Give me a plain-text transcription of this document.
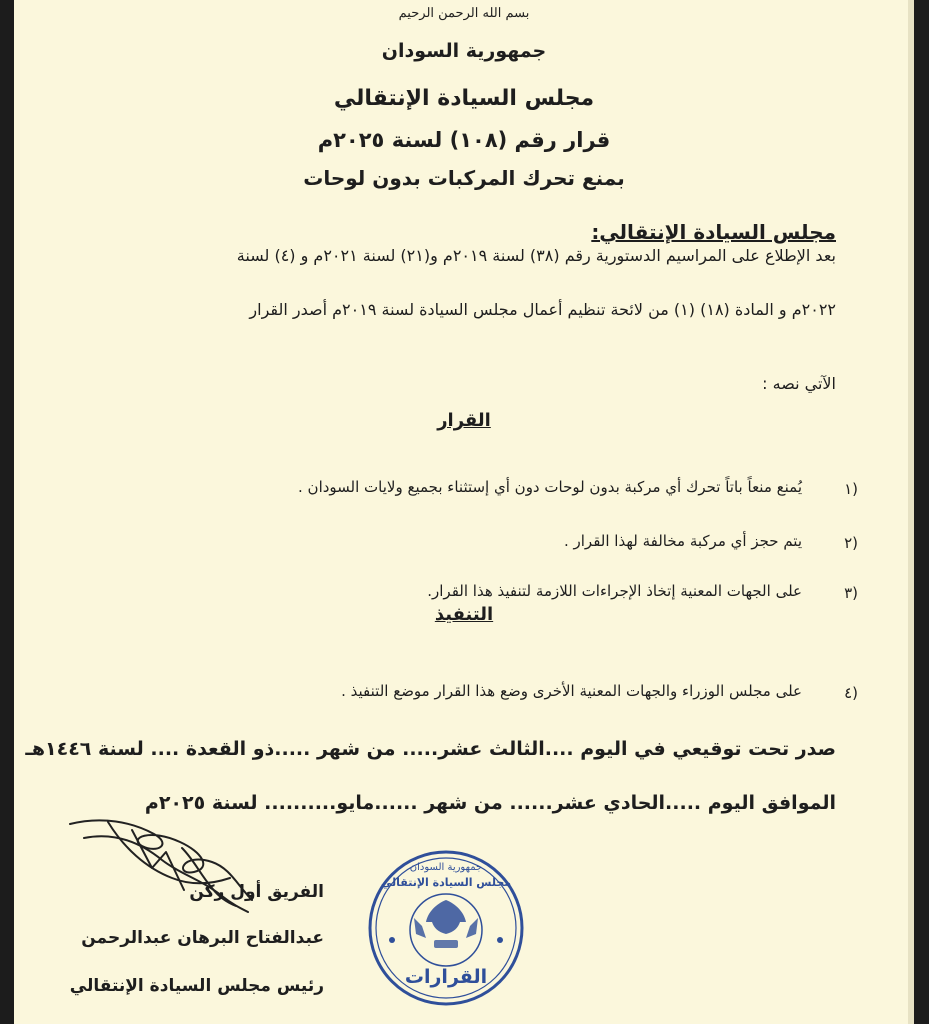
بسم الله الرحمن الرحيم
جمهورية السودان
مجلس السيادة الإنتقالي
قرار رقم (١٠٨) لسنة ٢٠٢٥م
بمنع تحرك المركبات بدون لوحات
مجلس السيادة الإنتقالي:
بعد الإطلاع على المراسيم الدستورية رقم (٣٨) لسنة ٢٠١٩م و(٢١) لسنة ٢٠٢١م و (٤) لسنة
٢٠٢٢م و المادة (١٨) (١) من لائحة تنظيم أعمال مجلس السيادة لسنة ٢٠١٩م أصدر القرار
الآتي نصه :
القرار
(١
يُمنع منعاً باتاً تحرك أي مركبة بدون لوحات دون أي إستثناء بجميع ولايات السودان .
(٢
يتم حجز أي مركبة مخالفة لهذا القرار .
(٣
على الجهات المعنية إتخاذ الإجراءات اللازمة لتنفيذ هذا القرار.
التنفيذ
(٤
على مجلس الوزراء والجهات المعنية الأخرى وضع هذا القرار موضع التنفيذ .
صدر تحت توقيعي في اليوم ....الثالث عشر..... من شهر .....ذو القعدة .... لسنة ١٤٤٦هـ
الموافق اليوم .....الحادي عشر...... من شهر ......مايو.......... لسنة ٢٠٢٥م
جمهورية السودان
مجلس السيادة الإنتقالي
القرارات
الفريق أول ركن
عبدالفتاح البرهان عبدالرحمن
رئيس مجلس السيادة الإنتقالي
